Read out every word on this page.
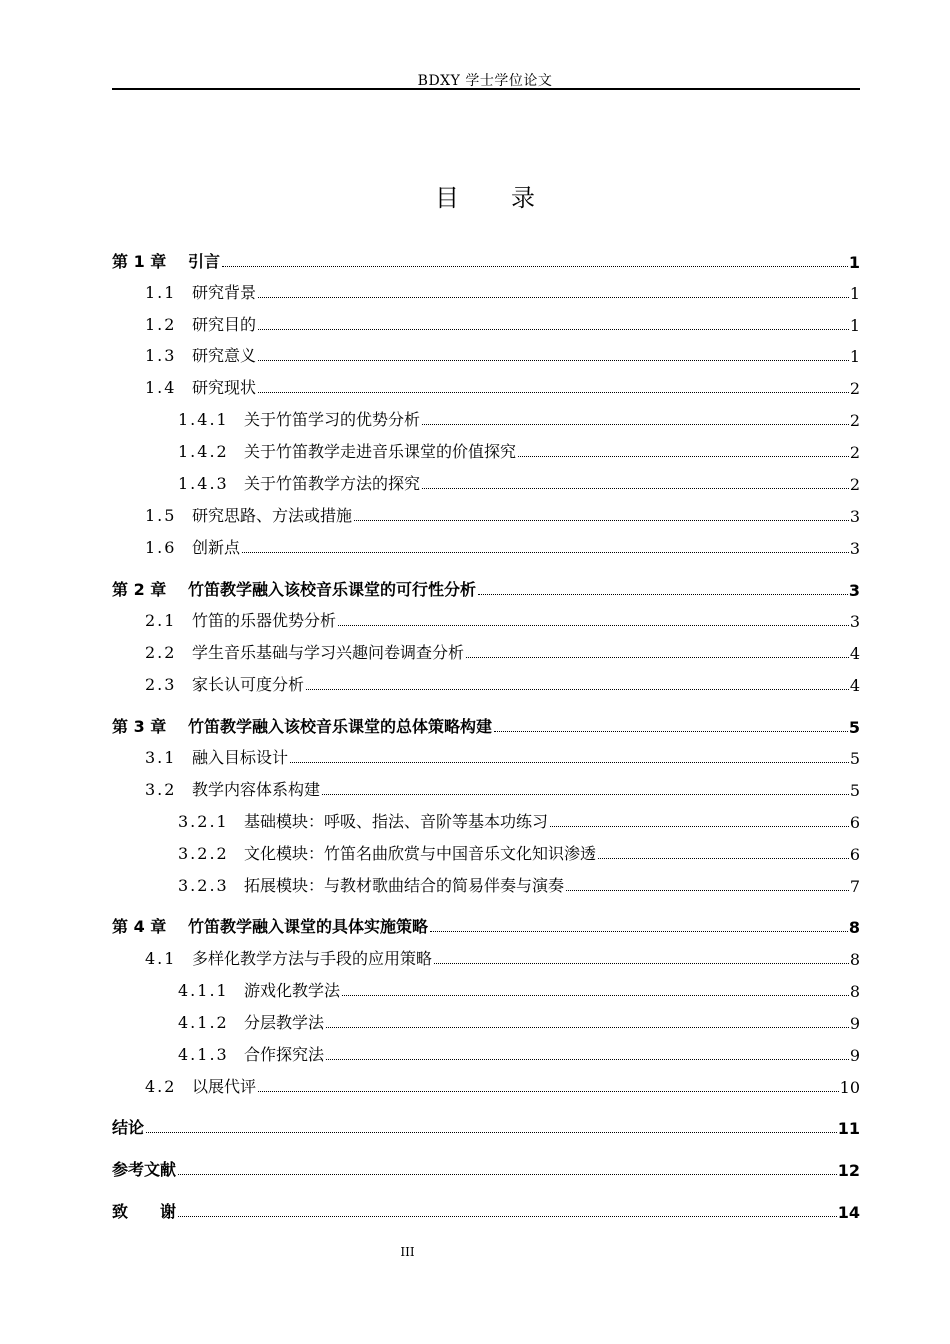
BDXY 学士学位论文
目录
第 1 章 引言	1
1.1 研究背景	1
1.2 研究目的	1
1.3 研究意义	1
1.4 研究现状	2
1.4.1 关于竹笛学习的优势分析	2
1.4.2 关于竹笛教学走进音乐课堂的价值探究	2
1.4.3 关于竹笛教学方法的探究	2
1.5 研究思路、方法或措施	3
1.6 创新点	3
第 2 章 竹笛教学融入该校音乐课堂的可行性分析	3
2.1 竹笛的乐器优势分析	3
2.2 学生音乐基础与学习兴趣问卷调查分析	4
2.3 家长认可度分析	4
第 3 章 竹笛教学融入该校音乐课堂的总体策略构建	5
3.1 融入目标设计	5
3.2 教学内容体系构建	5
3.2.1 基础模块：呼吸、指法、音阶等基本功练习	6
3.2.2 文化模块：竹笛名曲欣赏与中国音乐文化知识渗透	6
3.2.3 拓展模块：与教材歌曲结合的简易伴奏与演奏	7
第 4 章 竹笛教学融入课堂的具体实施策略	8
4.1 多样化教学方法与手段的应用策略	8
4.1.1 游戏化教学法	8
4.1.2 分层教学法	9
4.1.3 合作探究法	9
4.2 以展代评	10
结论	11
参考文献	12
致　　谢	14
III
